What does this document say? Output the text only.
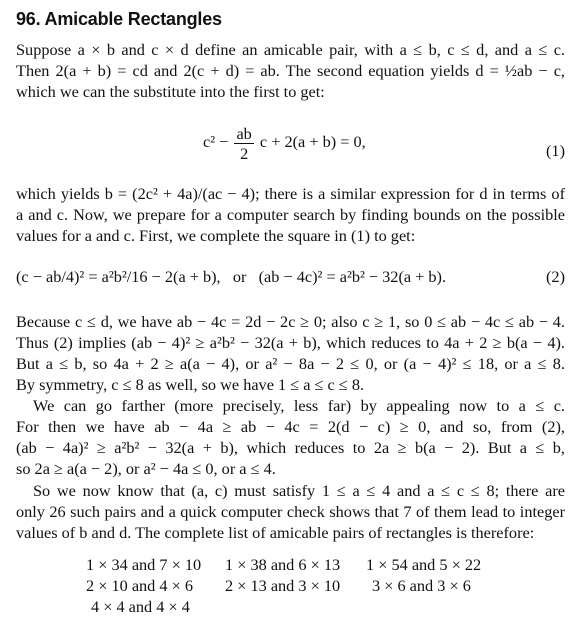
96. Amicable Rectangles
Suppose a × b and c × d define an amicable pair, with a ≤ b, c ≤ d, and a ≤ c.
Then 2(a + b) = cd and 2(c + d) = ab. The second equation yields d = ½ab − c,
which we can the substitute into the first to get:
$c^2 - \frac{ab}{2}$ c + 2(a + b) = 0,	(1)
which yields b = (2c² + 4a)/(ac − 4); there is a similar expression for d in terms of
a and c. Now, we prepare for a computer search by finding bounds on the possible
values for a and c. First, we complete the square in (1) to get:
(c − ab/4)² = a²b²/16 − 2(a + b),   or   (ab − 4c)² = a²b² − 32(a + b).	(2)
Because c ≤ d, we have ab − 4c = 2d − 2c ≥ 0; also c ≥ 1, so 0 ≤ ab − 4c ≤ ab − 4.
Thus (2) implies (ab − 4)² ≥ a²b² − 32(a + b), which reduces to 4a + 2 ≥ b(a − 4).
But a ≤ b, so 4a + 2 ≥ a(a − 4), or a² − 8a − 2 ≤ 0, or (a − 4)² ≤ 18, or a ≤ 8.
By symmetry, c ≤ 8 as well, so we have 1 ≤ a ≤ c ≤ 8.
We can go farther (more precisely, less far) by appealing now to a ≤ c.
For then we have ab − 4a ≥ ab − 4c = 2(d − c) ≥ 0, and so, from (2),
(ab − 4a)² ≥ a²b² − 32(a + b), which reduces to 2a ≥ b(a − 2). But a ≤ b,
so 2a ≥ a(a − 2), or a² − 4a ≤ 0, or a ≤ 4.
So we now know that (a, c) must satisfy 1 ≤ a ≤ 4 and a ≤ c ≤ 8; there are
only 26 such pairs and a quick computer check shows that 7 of them lead to integer
values of b and d. The complete list of amicable pairs of rectangles is therefore:
1 × 34 and 7 × 10 1 × 38 and 6 × 13 1 × 54 and 5 × 22
2 × 10 and 4 × 6 2 × 13 and 3 × 10 3 × 6 and 3 × 6
4 × 4 and 4 × 4
